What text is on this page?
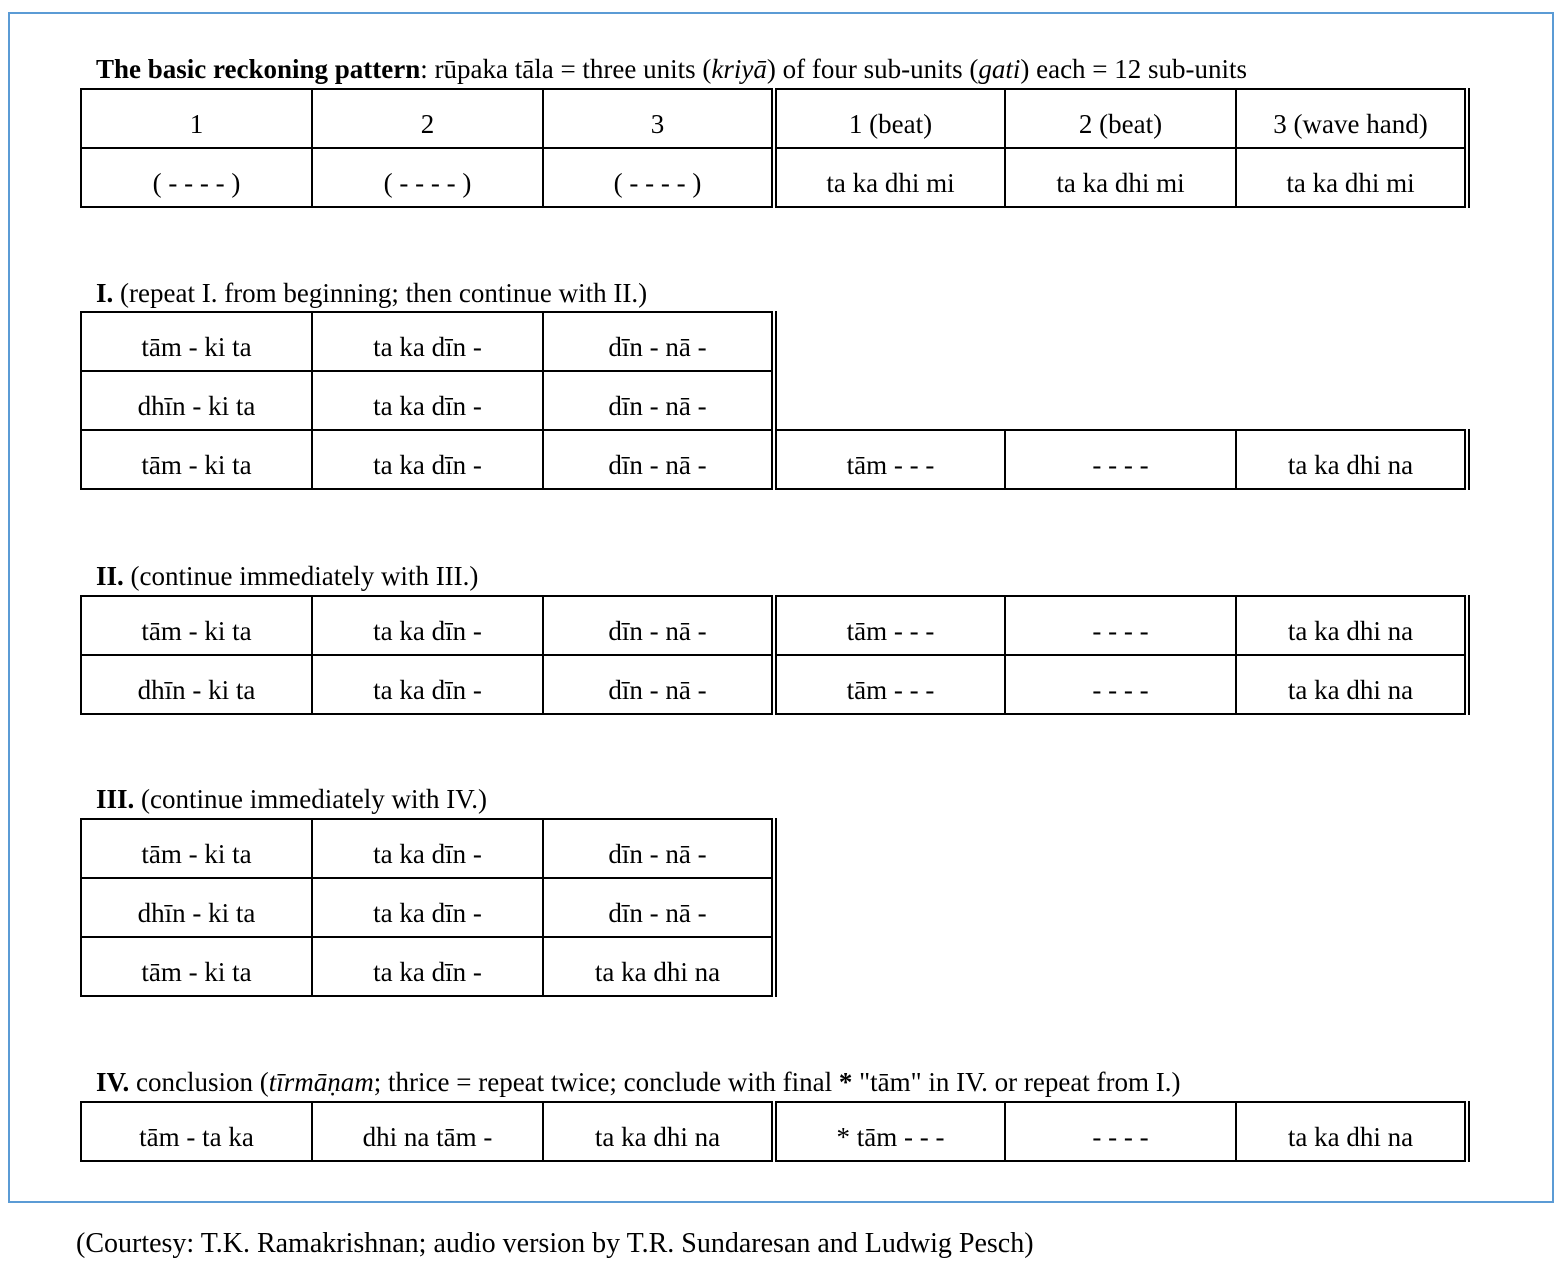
The basic reckoning pattern: rūpaka tāla = three units (kriyā) of four sub-units (gati) each = 12 sub-units
1	2	3	1 (beat)	2 (beat)	3 (wave hand)
( - - - - )	( - - - - )	( - - - - )	ta ka dhi mi	ta ka dhi mi	ta ka dhi mi
I. (repeat I. from beginning; then continue with II.)
tām - ki ta	ta ka dīn -	dīn - nā -			
dhīn - ki ta	ta ka dīn -	dīn - nā -			
tām - ki ta	ta ka dīn -	dīn - nā -	tām - - -	- - - -	ta ka dhi na
II. (continue immediately with III.)
tām - ki ta	ta ka dīn -	dīn - nā -	tām - - -	- - - -	ta ka dhi na
dhīn - ki ta	ta ka dīn -	dīn - nā -	tām - - -	- - - -	ta ka dhi na
III. (continue immediately with IV.)
tām - ki ta	ta ka dīn -	dīn - nā -
dhīn - ki ta	ta ka dīn -	dīn - nā -
tām - ki ta	ta ka dīn -	ta ka dhi na
IV. conclusion (tīrmāṇam; thrice = repeat twice; conclude with final * "tām" in IV. or repeat from I.)
tām - ta ka	dhi na tām -	ta ka dhi na	* tām - - -	- - - -	ta ka dhi na
(Courtesy: T.K. Ramakrishnan; audio version by T.R. Sundaresan and Ludwig Pesch)
